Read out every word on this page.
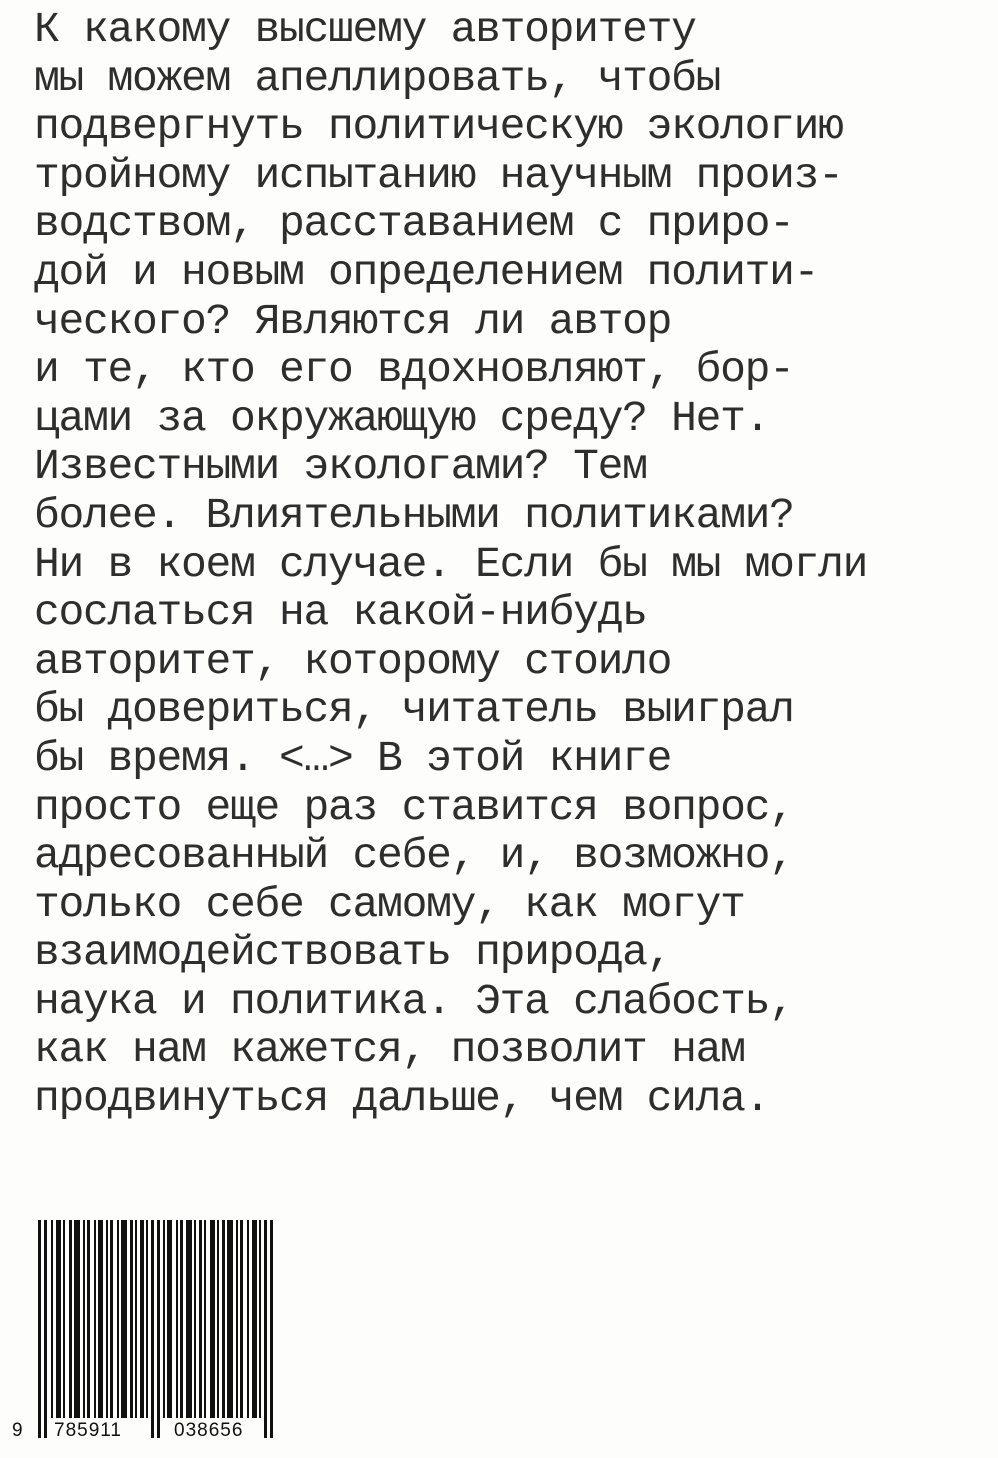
К какому высшему авторитету
мы можем апеллировать, чтобы
подвергнуть политическую экологию
тройному испытанию научным произ-
водством, расставанием с приро-
дой и новым определением полити-
ческого? Являются ли автор
и те, кто его вдохновляют, бор-
цами за окружающую среду? Нет.
Известными экологами? Тем
более. Влиятельными политиками?
Ни в коем случае. Если бы мы могли
сослаться на какой-нибудь
авторитет, которому стоило
бы довериться, читатель выиграл
бы время. <…> В этой книге
просто еще раз ставится вопрос,
адресованный себе, и, возможно,
только себе самому, как могут
взаимодействовать природа,
наука и политика. Эта слабость,
как нам кажется, позволит нам
продвинуться дальше, чем сила.

9 785911	038656
